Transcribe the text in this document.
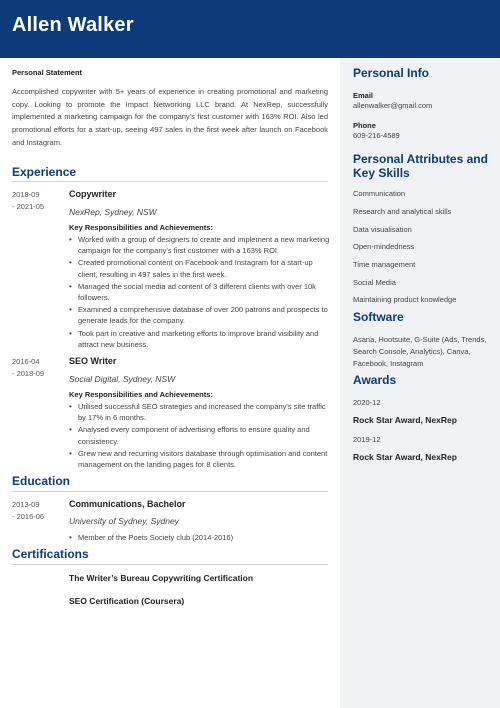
Allen Walker
Personal Info
Email
allenwalker@gmail.com
Phone
609-216-4589
Personal Attributes and Key Skills
Communication
Research and analytical skills
Data visualisation
Open-mindedness
Time management
Social Media
Maintaining product knowledge
Software
Asana, Hootsuite, G-Suite (Ads, Trends, Search Console, Analytics), Canva, Facebook, Instagram
Awards
2020-12
Rock Star Award, NexRep
2019-12
Rock Star Award, NexRep
Personal Statement
Accomplished copywriter with 5+ years of experience in creating promotional and marketing copy. Looking to promote the Impact Networking LLC brand. At NexRep, successfully implemented a marketing campaign for the company's first customer with 163% ROI. Also led promotional efforts for a start-up, seeing 497 sales in the first week after launch on Facebook and Instagram.
Experience
2018-09
- 2021-05
Copywriter
NexRep, Sydney, NSW
Key Responsibilities and Achievements:
• Worked with a group of designers to create and implement a new marketing campaign for the company's first customer with a 163% ROI.
• Created promotional content on Facebook and Instagram for a start-up client, resulting in 497 sales in the first week.
• Managed the social media ad content of 3 different clients with over 10k followers.
• Examined a comprehensive database of over 200 patrons and prospects to generate leads for the company.
• Took part in creative and marketing efforts to improve brand visibility and attract new business.
2016-04
- 2018-09
SEO Writer
Social Digital, Sydney, NSW
Key Responsibilities and Achievements:
• Utilised successful SEO strategies and increased the company's site traffic by 17% in 6 months.
• Analysed every component of advertising efforts to ensure quality and consistency.
• Grew new and recurring visitors database through optimisation and content management on the landing pages for 8 clients.
Education
2013-09
- 2016-06
Communications, Bachelor
University of Sydney, Sydney
• Member of the Poets Society club (2014-2016)
Certifications
The Writer’s Bureau Copywriting Certification
SEO Certification (Coursera)
